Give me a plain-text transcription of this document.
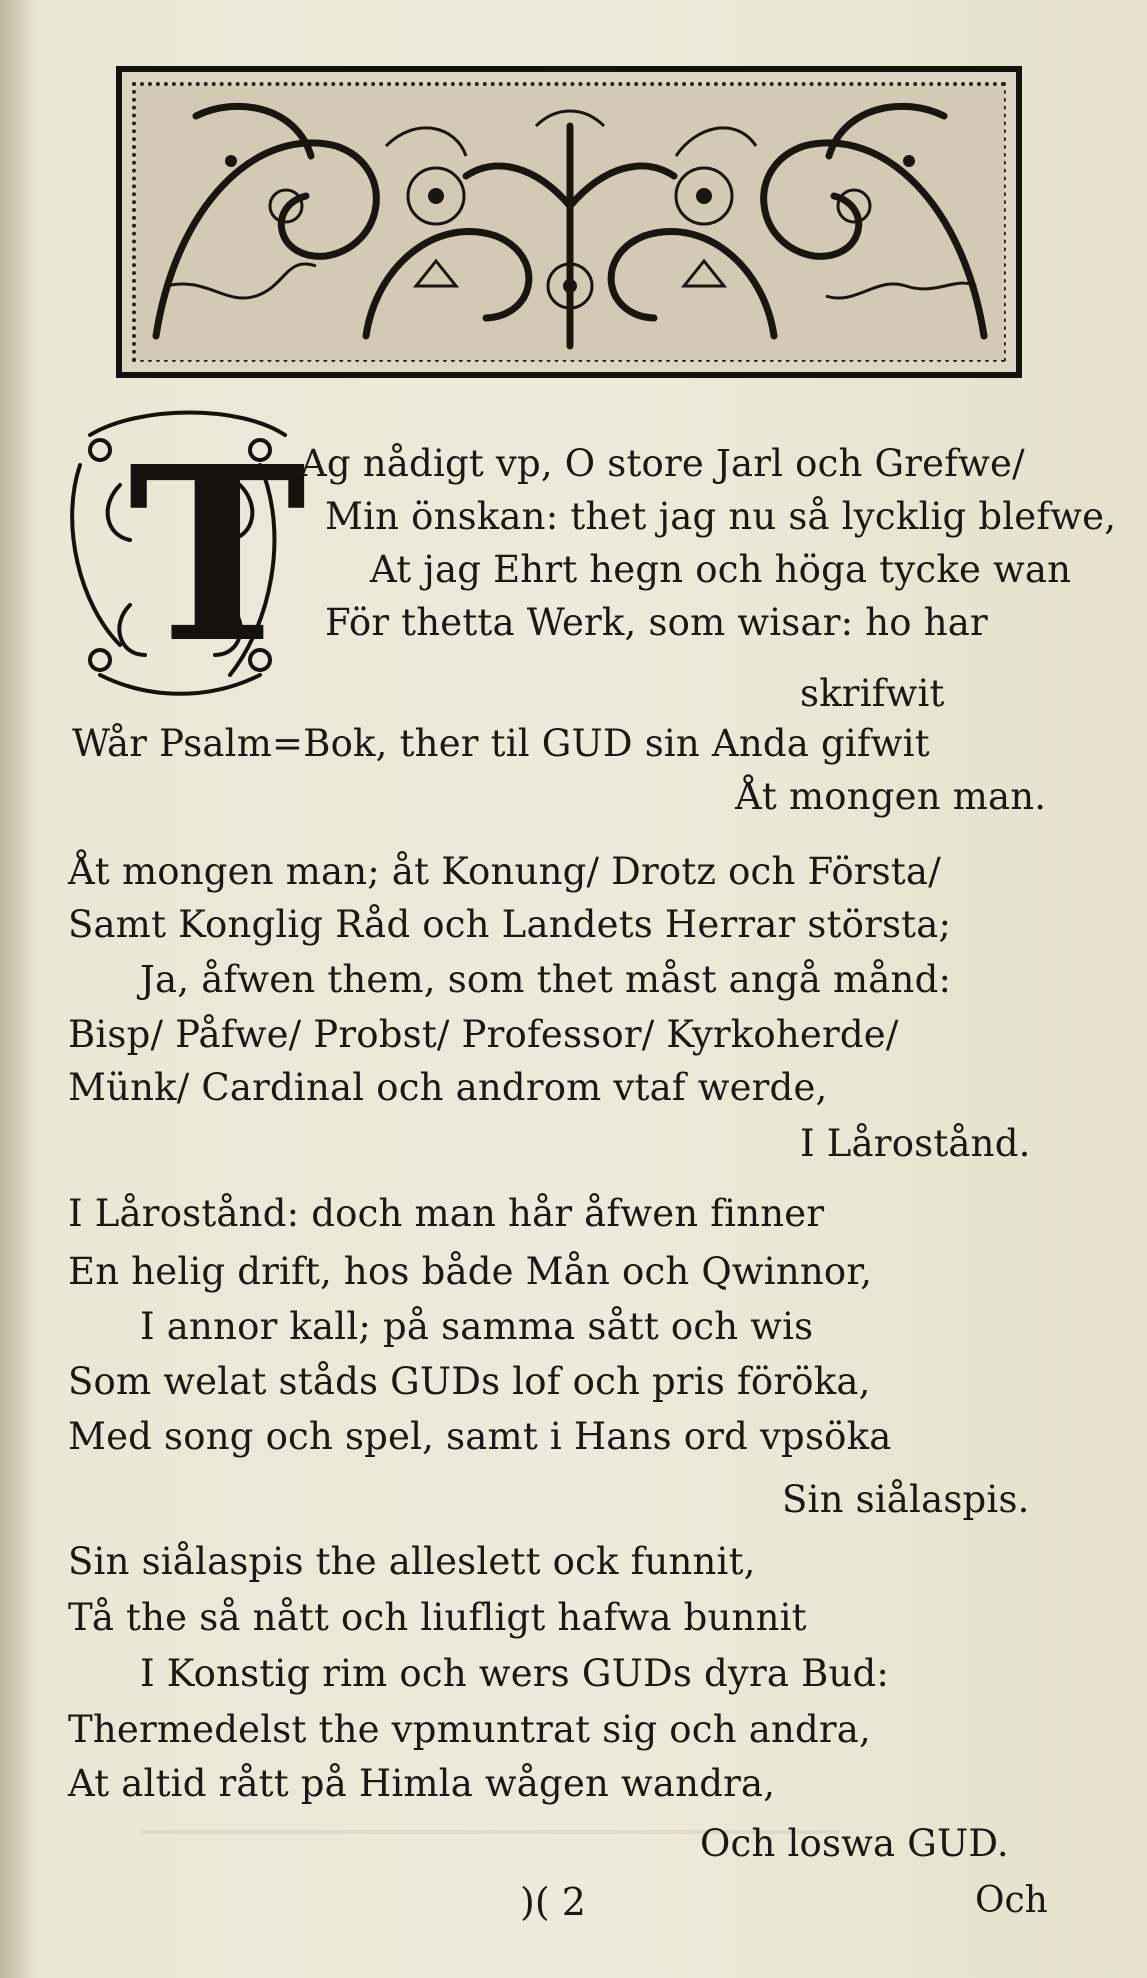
T
Ag nådigt vp, O store Jarl och Grefwe/
Min önskan: thet jag nu så lycklig blefwe,
At jag Ehrt hegn och höga tycke wan
För thetta Werk, som wisar: ho har
skrifwit
Wår Psalm=Bok, ther til GUD sin Anda gifwit
Åt mongen man.
Åt mongen man; åt Konung/ Drotz och Första/
Samt Konglig Råd och Landets Herrar största;
Ja, åfwen them, som thet måst angå månd:
Bisp/ Påfwe/ Probst/ Professor/ Kyrkoherde/
Münk/ Cardinal och androm vtaf werde,
I Lårostånd.
I Lårostånd: doch man hår åfwen finner
En helig drift, hos både Mån och Qwinnor,
I annor kall; på samma sått och wis
Som welat ståds GUDs lof och pris föröka,
Med song och spel, samt i Hans ord vpsöka
Sin siålaspis.
Sin siålaspis the alleslett ock funnit,
Tå the så nått och liufligt hafwa bunnit
I Konstig rim och wers GUDs dyra Bud:
Thermedelst the vpmuntrat sig och andra,
At altid rått på Himla wågen wandra,
Och loswa GUD.
)( 2	Och
